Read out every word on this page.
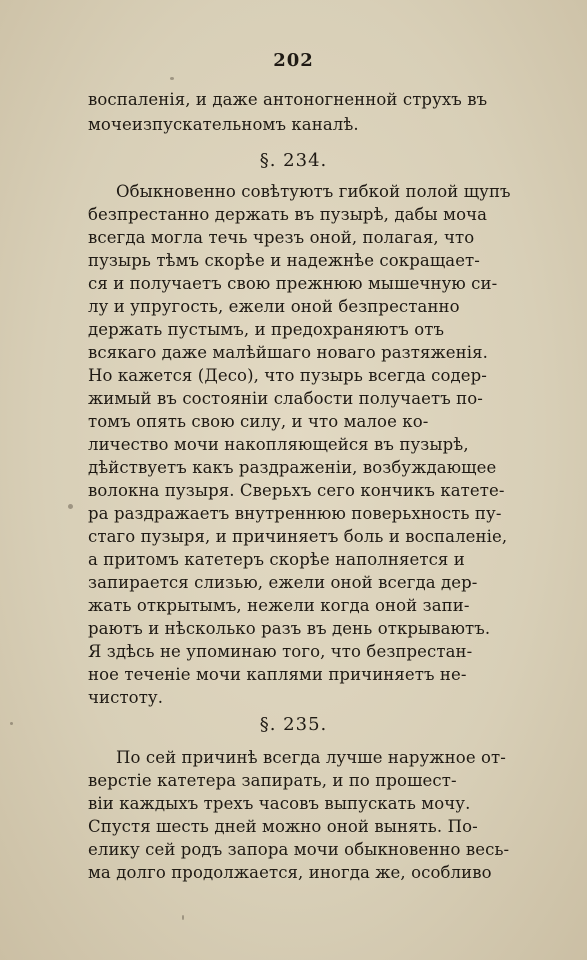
202
воспаленія, и даже антоногненной струхъ въ
мочеизпускательномъ каналѣ.
§. 234.
Обыкновенно совѣтуютъ гибкой полой щупъ
безпрестанно держать въ пузырѣ, дабы моча
всегда могла течь чрезъ оной, полагая, что
пузырь тѣмъ скорѣе и надежнѣе сокращает-
ся и получаетъ свою прежнюю мышечную си-
лу и упругость, ежели оной безпрестанно
держать пустымъ, и предохраняютъ отъ
всякаго даже малѣйшаго новаго разтяженія.
Но кажется (Десо), что пузырь всегда содер-
жимый въ состояніи слабости получаетъ по-
томъ опять свою силу, и что малое ко-
личество мочи накопляющейся въ пузырѣ,
дѣйствуетъ какъ раздраженіи, возбуждающее
волокна пузыря. Сверьхъ сего кончикъ катете-
ра раздражаетъ внутреннюю поверьхность пу-
стаго пузыря, и причиняетъ боль и воспаленіе,
а притомъ катетеръ скорѣе наполняется и
запирается слизью, ежели оной всегда дер-
жать открытымъ, нежели когда оной запи-
раютъ и нѣсколько разъ въ день открываютъ.
Я здѣсь не упоминаю того, что безпрестан-
ное теченіе мочи каплями причиняетъ не-
чистоту.
§. 235.
По сей причинѣ всегда лучше наружное от-
верстіе катетера запирать, и по прошест-
віи каждыхъ трехъ часовъ выпускать мочу.
Спустя шесть дней можно оной вынять. По-
елику сей родъ запора мочи обыкновенно весь-
ма долго продолжается, иногда же, особливо
